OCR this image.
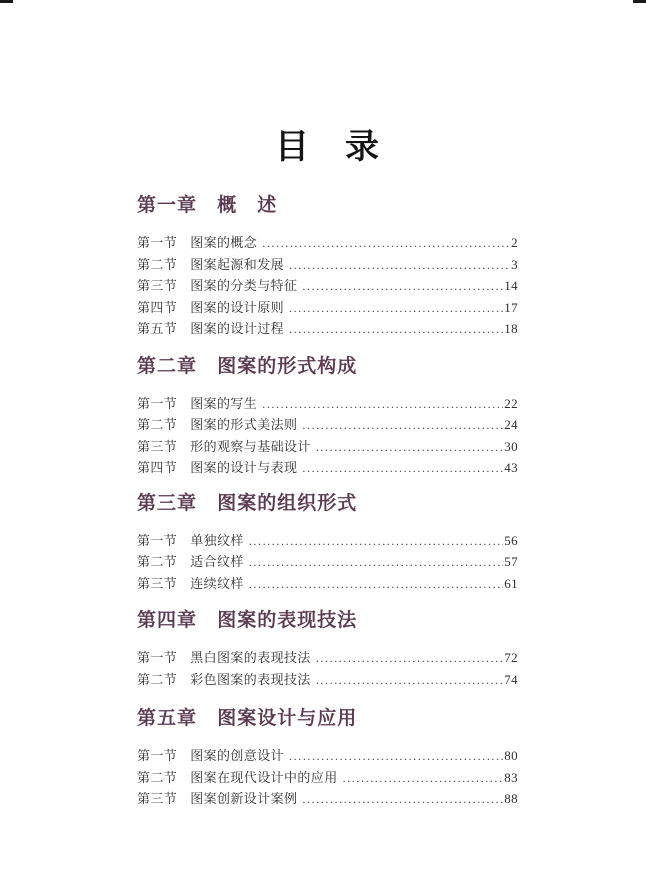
目　录
第一章 概　述
第一节 图案的概念 .....	2
第二节 图案起源和发展 .....	3
第三节 图案的分类与特征 .....	14
第四节 图案的设计原则 .....	17
第五节 图案的设计过程 .....	18
第二章 图案的形式构成
第一节 图案的写生 .....	22
第二节 图案的形式美法则 .....	24
第三节 形的观察与基础设计 .....	30
第四节 图案的设计与表现 .....	43
第三章 图案的组织形式
第一节 单独纹样 .....	56
第二节 适合纹样 .....	57
第三节 连续纹样 .....	61
第四章 图案的表现技法
第一节 黑白图案的表现技法 .....	72
第二节 彩色图案的表现技法 .....	74
第五章 图案设计与应用
第一节 图案的创意设计 .....	80
第二节 图案在现代设计中的应用 .....	83
第三节 图案创新设计案例 .....	88
